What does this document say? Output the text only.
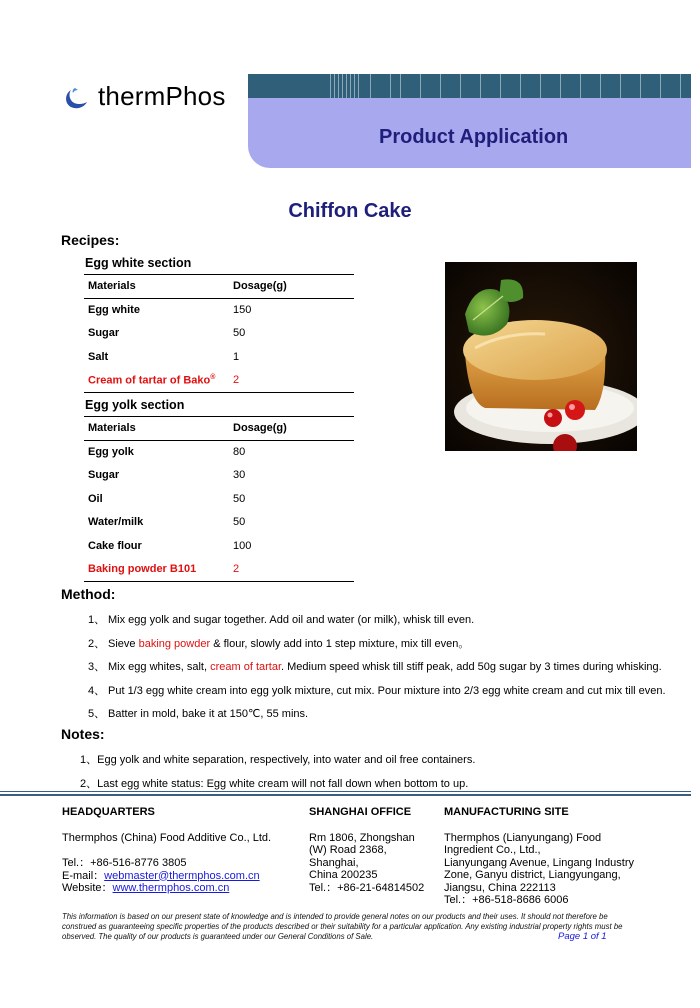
thermPhos
Product Application
Chiffon Cake
Recipes:
Egg white section
Materials	Dosage(g)
Egg white	150
Sugar	50
Salt	1
Cream of tartar of Bako®	2
Egg yolk section
Materials	Dosage(g)
Egg yolk	80
Sugar	30
Oil	50
Water/milk	50
Cake flour	100
Baking powder B101	2
Method:
1、 Mix egg yolk and sugar together. Add oil and water (or milk), whisk till even.
2、 Sieve baking powder & flour, slowly add into 1 step mixture, mix till even。
3、 Mix egg whites, salt, cream of tartar. Medium speed whisk till stiff peak, add 50g sugar by 3 times during whisking.
4、 Put 1/3 egg white cream into egg yolk mixture, cut mix. Pour mixture into 2/3 egg white cream and cut mix till even.
5、 Batter in mold, bake it at 150℃, 55 mins.
Notes:
1、Egg yolk and white separation, respectively, into water and oil free containers.
2、Last egg white status: Egg white cream will not fall down when bottom to up.
HEADQUARTERS
Thermphos (China) Food Additive Co., Ltd.
Tel.：+86-516-8776 3805
E-mail：webmaster@thermphos.com.cn
Website：www.thermphos.com.cn
SHANGHAI OFFICE
Rm 1806, Zhongshan
(W) Road 2368,
Shanghai,
China 200235
Tel.：+86-21-64814502
MANUFACTURING SITE
Thermphos (Lianyungang) Food
Ingredient Co., Ltd.,
Lianyungang Avenue, Lingang Industry
Zone, Ganyu district, Liangyungang,
Jiangsu, China 222113
Tel.：+86-518-8686 6006
This information is based on our present state of knowledge and is intended to provide general notes on our products and their uses. It should not therefore be construed as guaranteeing specific properties of the products described or their suitability for a particular application. Any existing industrial property rights must be observed. The quality of our products is guaranteed under our General Conditions of Sale.	Page 1 of 1
